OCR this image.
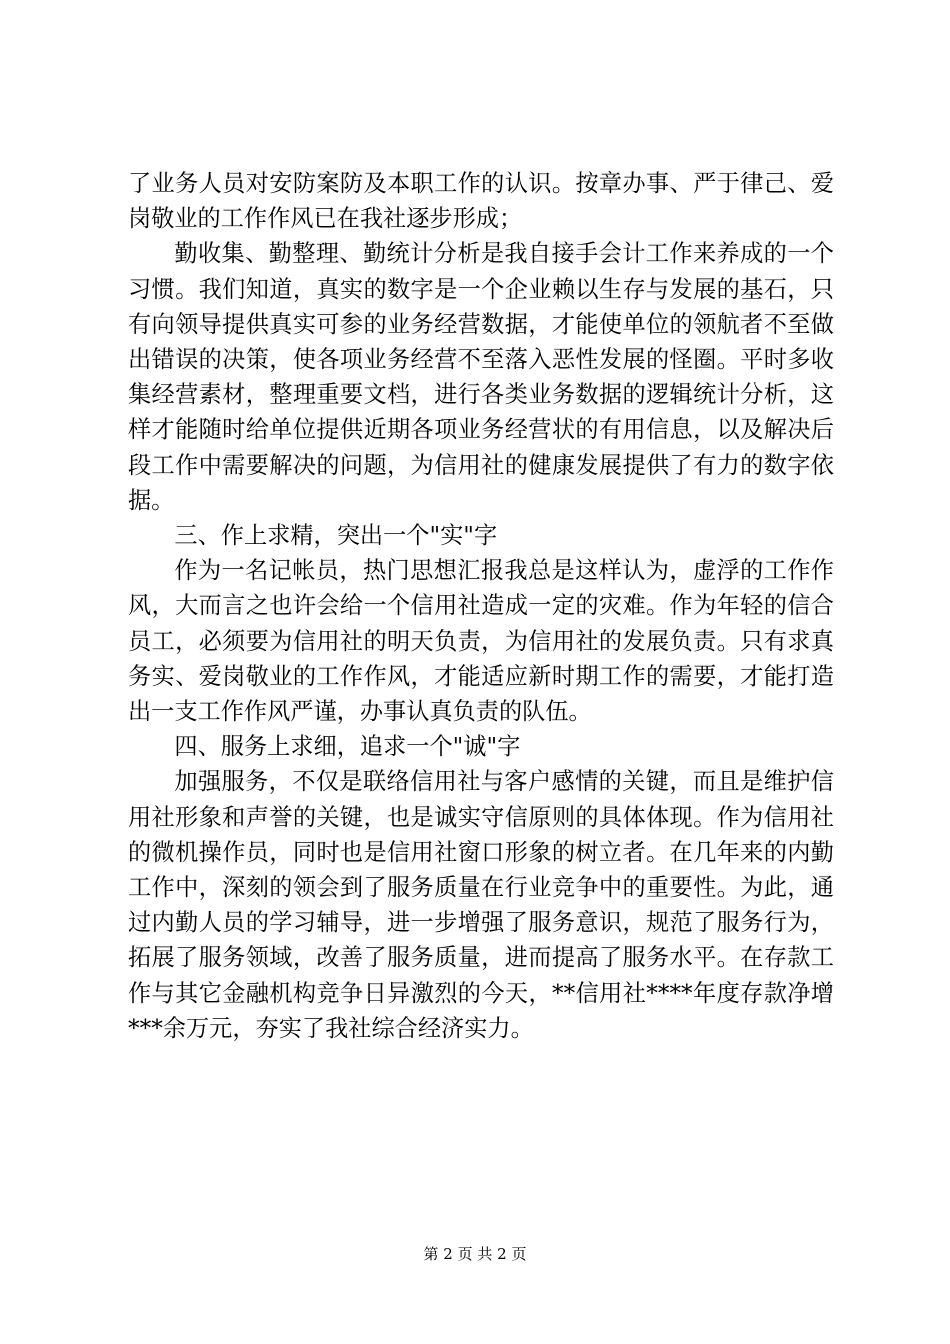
了业务人员对安防案防及本职工作的认识。按章办事、严于律己、爱岗敬业的工作作风已在我社逐步形成；

勤收集、勤整理、勤统计分析是我自接手会计工作来养成的一个习惯。我们知道，真实的数字是一个企业赖以生存与发展的基石，只有向领导提供真实可参的业务经营数据，才能使单位的领航者不至做出错误的决策，使各项业务经营不至落入恶性发展的怪圈。平时多收集经营素材，整理重要文档，进行各类业务数据的逻辑统计分析，这样才能随时给单位提供近期各项业务经营状的有用信息，以及解决后段工作中需要解决的问题，为信用社的健康发展提供了有力的数字依据。

三、作上求精，突出一个"实"字

作为一名记帐员，热门思想汇报我总是这样认为，虚浮的工作作风，大而言之也许会给一个信用社造成一定的灾难。作为年轻的信合员工，必须要为信用社的明天负责，为信用社的发展负责。只有求真务实、爱岗敬业的工作作风，才能适应新时期工作的需要，才能打造出一支工作作风严谨，办事认真负责的队伍。

四、服务上求细，追求一个"诚"字

加强服务，不仅是联络信用社与客户感情的关键，而且是维护信用社形象和声誉的关键，也是诚实守信原则的具体体现。作为信用社的微机操作员，同时也是信用社窗口形象的树立者。在几年来的内勤工作中，深刻的领会到了服务质量在行业竞争中的重要性。为此，通过内勤人员的学习辅导，进一步增强了服务意识，规范了服务行为，拓展了服务领域，改善了服务质量，进而提高了服务水平。在存款工作与其它金融机构竞争日异激烈的今天，**信用社****年度存款净增***余万元，夯实了我社综合经济实力。

第 2 页 共 2 页
